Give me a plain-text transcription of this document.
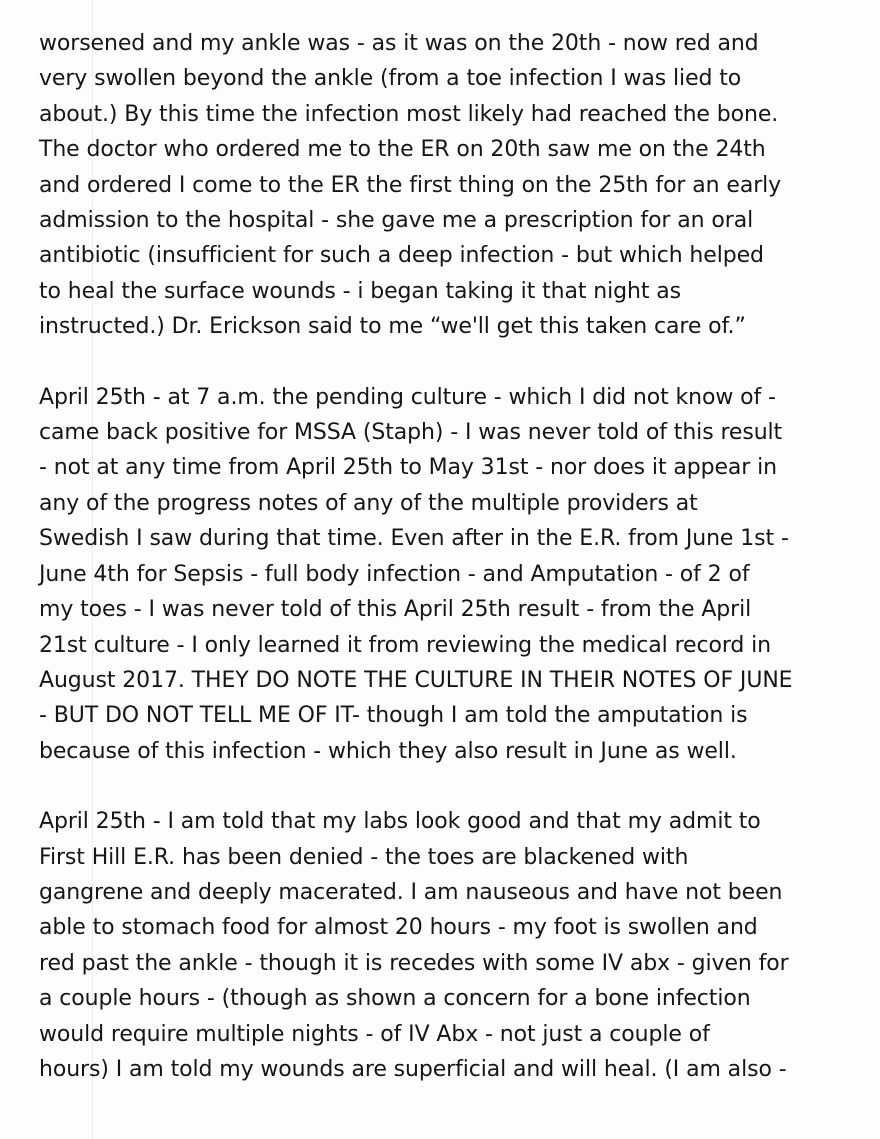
worsened and my ankle was - as it was on the 20th - now red and
very swollen beyond the ankle (from a toe infection I was lied to
about.) By this time the infection most likely had reached the bone.
The doctor who ordered me to the ER on 20th saw me on the 24th
and ordered I come to the ER the first thing on the 25th for an early
admission to the hospital - she gave me a prescription for an oral
antibiotic (insufficient for such a deep infection - but which helped
to heal the surface wounds - i began taking it that night as
instructed.) Dr. Erickson said to me “we'll get this taken care of.”

April 25th - at 7 a.m. the pending culture - which I did not know of -
came back positive for MSSA (Staph) - I was never told of this result
- not at any time from April 25th to May 31st - nor does it appear in
any of the progress notes of any of the multiple providers at
Swedish I saw during that time. Even after in the E.R. from June 1st -
June 4th for Sepsis - full body infection - and Amputation - of 2 of
my toes - I was never told of this April 25th result - from the April
21st culture - I only learned it from reviewing the medical record in
August 2017. THEY DO NOTE THE CULTURE IN THEIR NOTES OF JUNE
- BUT DO NOT TELL ME OF IT- though I am told the amputation is
because of this infection - which they also result in June as well.

April 25th - I am told that my labs look good and that my admit to
First Hill E.R. has been denied - the toes are blackened with
gangrene and deeply macerated. I am nauseous and have not been
able to stomach food for almost 20 hours - my foot is swollen and
red past the ankle - though it is recedes with some IV abx - given for
a couple hours - (though as shown a concern for a bone infection
would require multiple nights - of IV Abx - not just a couple of
hours) I am told my wounds are superficial and will heal. (I am also -
